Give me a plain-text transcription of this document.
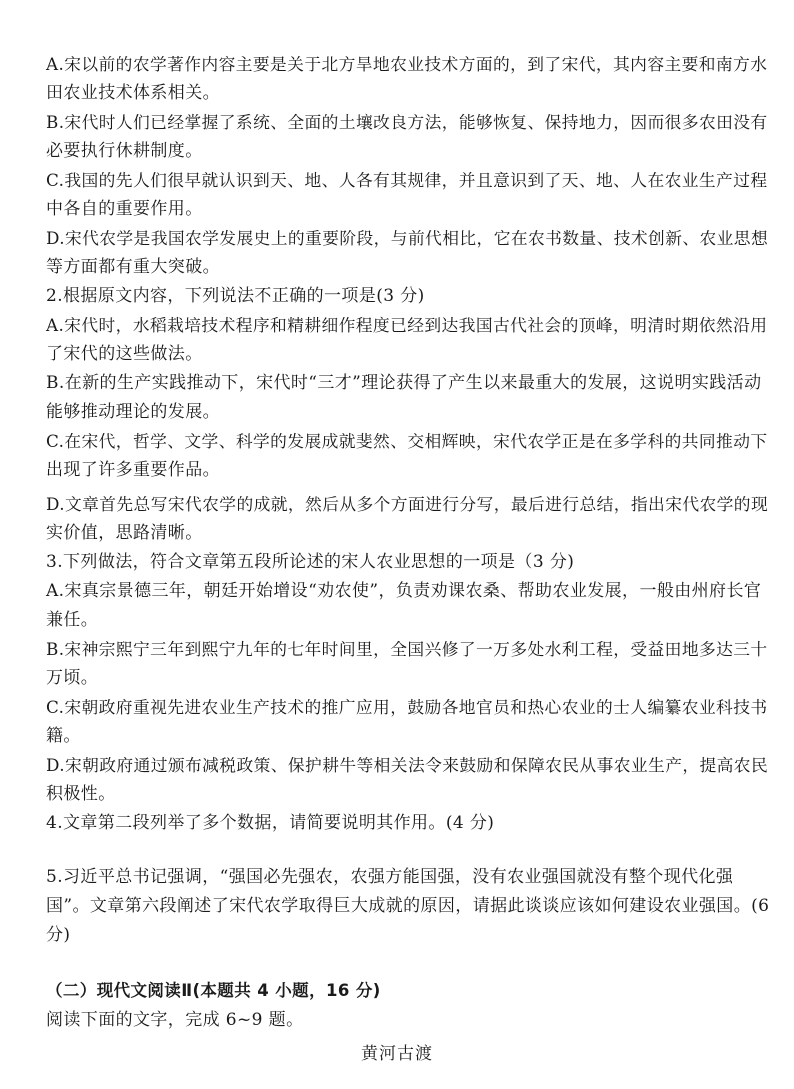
A.宋以前的农学著作内容主要是关于北方旱地农业技术方面的，到了宋代，其内容主要和南方水
田农业技术体系相关。
B.宋代时人们已经掌握了系统、全面的土壤改良方法，能够恢复、保持地力，因而很多农田没有
必要执行休耕制度。
C.我国的先人们很早就认识到天、地、人各有其规律，并且意识到了天、地、人在农业生产过程
中各自的重要作用。
D.宋代农学是我国农学发展史上的重要阶段，与前代相比，它在农书数量、技术创新、农业思想
等方面都有重大突破。
2.根据原文内容，下列说法不正确的一项是(3 分)
A.宋代时，水稻栽培技术程序和精耕细作程度已经到达我国古代社会的顶峰，明清时期依然沿用
了宋代的这些做法。
B.在新的生产实践推动下，宋代时“三才”理论获得了产生以来最重大的发展，这说明实践活动
能够推动理论的发展。
C.在宋代，哲学、文学、科学的发展成就斐然、交相辉映，宋代农学正是在多学科的共同推动下
出现了许多重要作品。
D.文章首先总写宋代农学的成就，然后从多个方面进行分写，最后进行总结，指出宋代农学的现
实价值，思路清晰。
3.下列做法，符合文章第五段所论述的宋人农业思想的一项是（3 分)
A.宋真宗景德三年，朝廷开始增设“劝农使”，负责劝课农桑、帮助农业发展，一般由州府长官
兼任。
B.宋神宗熙宁三年到熙宁九年的七年时间里，全国兴修了一万多处水利工程，受益田地多达三十
万顷。
C.宋朝政府重视先进农业生产技术的推广应用，鼓励各地官员和热心农业的士人编纂农业科技书
籍。
D.宋朝政府通过颁布减税政策、保护耕牛等相关法令来鼓励和保障农民从事农业生产，提高农民
积极性。
4.文章第二段列举了多个数据，请简要说明其作用。(4 分)
5.习近平总书记强调，“强国必先强农，农强方能国强，没有农业强国就没有整个现代化强
国”。文章第六段阐述了宋代农学取得巨大成就的原因，请据此谈谈应该如何建设农业强国。(6
分)
（二）现代文阅读Ⅱ(本题共 4 小题，16 分)
阅读下面的文字，完成 6~9 题。
黄河古渡
